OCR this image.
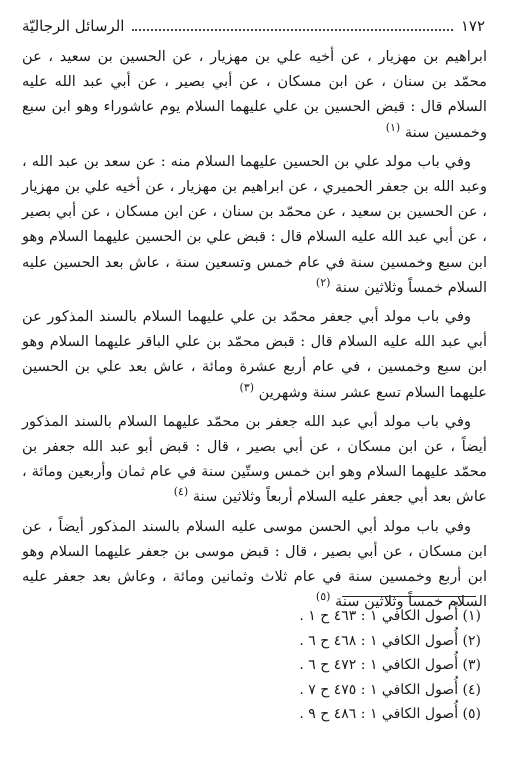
١٧٢
الرسائل الرجاليّة

ابراهيم بن مهزيار ، عن أخيه علي بن مهزيار ، عن الحسين بن سعيد ، عن محمّد بن سنان ، عن ابن مسكان ، عن أبي بصير ، عن أبي عبد الله عليه السلام قال : قبض الحسين بن علي عليهما السلام يوم عاشوراء وهو ابن سبع وخمسين سنة $^{(١)}$

وفي باب مولد علي بن الحسين عليهما السلام منه : عن سعد بن عبد الله ، وعبد الله بن جعفر الحميري ، عن ابراهيم بن مهزيار ، عن أخيه علي بن مهزيار ، عن الحسين بن سعيد ، عن محمّد بن سنان ، عن ابن مسكان ، عن أبي بصير ، عن أبي عبد الله عليه السلام قال : قبض علي بن الحسين عليهما السلام وهو ابن سبع وخمسين سنة في عام خمس وتسعين سنة ، عاش بعد الحسين عليه السلام خمساً وثلاثين سنة $^{(٢)}$

وفي باب مولد أبي جعفر محمّد بن علي عليهما السلام بالسند المذكور عن أبي عبد الله عليه السلام قال : قبض محمّد بن علي الباقر عليهما السلام وهو ابن سبع وخمسين ، في عام أربع عشرة ومائة ، عاش بعد علي بن الحسين عليهما السلام تسع عشر سنة وشهرين $^{(٣)}$

وفي باب مولد أبي عبد الله جعفر بن محمّد عليهما السلام بالسند المذكور أيضاً ، عن ابن مسكان ، عن أبي بصير ، قال : قبض أبو عبد الله جعفر بن محمّد عليهما السلام وهو ابن خمس وستّين سنة في عام ثمان وأربعين ومائة ، عاش بعد أبي جعفر عليه السلام أربعاً وثلاثين سنة $^{(٤)}$

وفي باب مولد أبي الحسن موسى عليه السلام بالسند المذكور أيضاً ، عن ابن مسكان ، عن أبي بصير ، قال : قبض موسى بن جعفر عليهما السلام وهو ابن أربع وخمسين سنة في عام ثلاث وثمانين ومائة ، وعاش بعد جعفر عليه السلام خمساً وثلاثين سنة $^{(٥)}$

(١) أُصول الكافي ١ : ٤٦٣ ح ١ .

(٢) أُصول الكافي ١ : ٤٦٨ ح ٦ .

(٣) أُصول الكافي ١ : ٤٧٢ ح ٦ .

(٤) أُصول الكافي ١ : ٤٧٥ ح ٧ .

(٥) أُصول الكافي ١ : ٤٨٦ ح ٩ .
